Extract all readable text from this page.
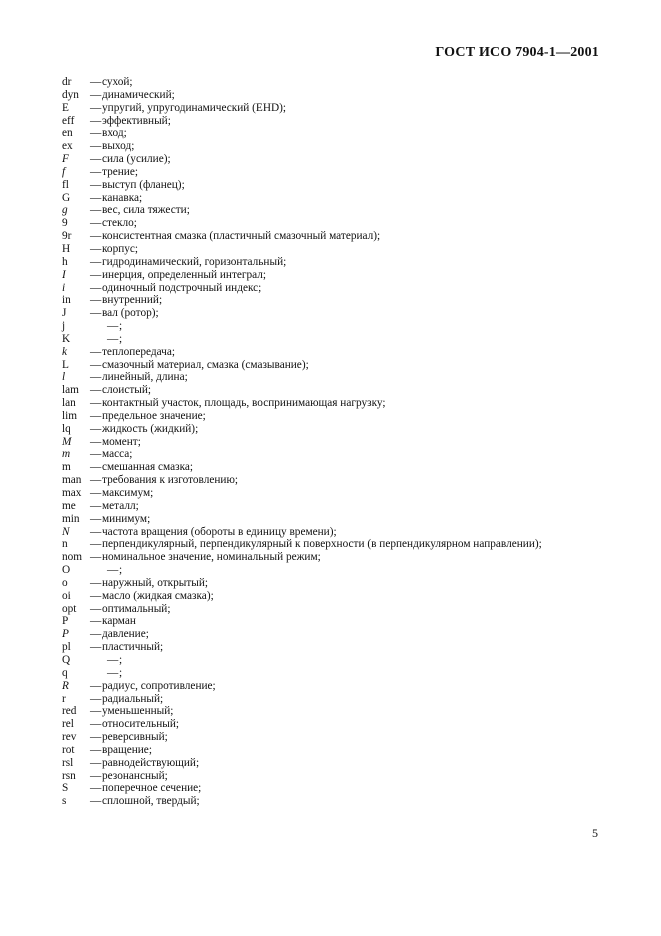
ГОСТ ИСО 7904-1—2001
dr —сухой;
dyn —динамический;
E —упругий, упругодинамический (EHD);
eff —эффективный;
en —вход;
ex —выход;
F —сила (усилие);
f —трение;
fl —выступ (фланец);
G —канавка;
g —вес, сила тяжести;
9 —стекло;
9r —консистентная смазка (пластичный смазочный материал);
H —корпус;
h —гидродинамический, горизонтальный;
I —инерция, определенный интеграл;
i —одиночный подстрочный индекс;
in —внутренний;
J —вал (ротор);
j	—;
K	—;
k —теплопередача;
L —смазочный материал, смазка (смазывание);
l —линейный, длина;
lam —слоистый;
lan —контактный участок, площадь, воспринимающая нагрузку;
lim —предельное значение;
lq —жидкость (жидкий);
M —момент;
m —масса;
m —смешанная смазка;
man —требования к изготовлению;
max —максимум;
me —металл;
min —минимум;
N —частота вращения (обороты в единицу времени);
n —перпендикулярный, перпендикулярный к поверхности (в перпендикулярном направлении);
nom —номинальное значение, номинальный режим;
O	—;
o —наружный, открытый;
oi —масло (жидкая смазка);
opt —оптимальный;
P —карман
P —давление;
pl —пластичный;
Q	—;
q	—;
R —радиус, сопротивление;
r —радиальный;
red —уменьшенный;
rel —относительный;
rev —реверсивный;
rot —вращение;
rsl —равнодействующий;
rsn —резонансный;
S —поперечное сечение;
s —сплошной, твердый;
5
